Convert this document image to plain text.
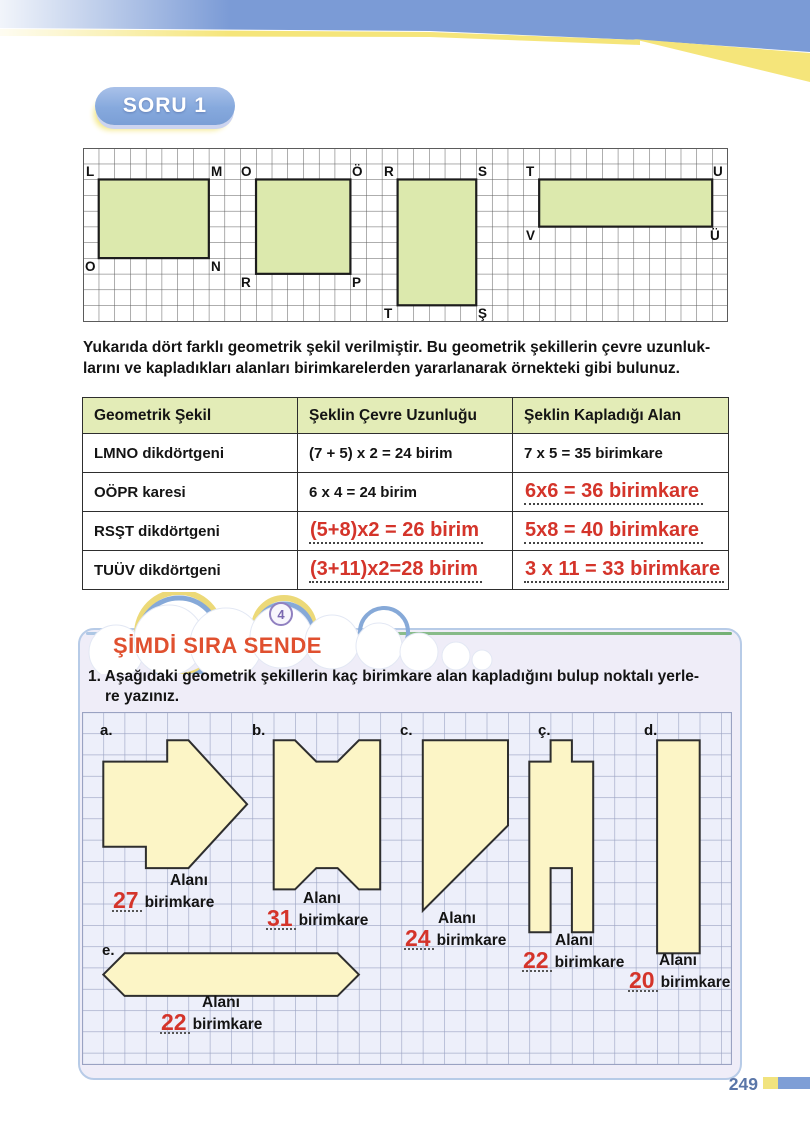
SORU 1
L	M
O	N
O	Ö
R	P
R	S
T	Ş
T	U
V	Ü
Yukarıda dört farklı geometrik şekil verilmiştir. Bu geometrik şekillerin çevre uzunluk-
larını ve kapladıkları alanları birimkarelerden yararlanarak örnekteki gibi bulunuz.
Geometrik Şekil	Şeklin Çevre Uzunluğu	Şeklin Kapladığı Alan
LMNO dikdörtgeni	(7 + 5) x 2 = 24 birim	7 x 5 = 35 birimkare
OÖPR karesi	6 x 4 = 24 birim	6x6 = 36 birimkare
RSŞT dikdörtgeni	(5+8)x2 = 26 birim	5x8 = 40 birimkare
TUÜV dikdörtgeni	(3+11)x2=28 birim	3 x 11 = 33 birimkare
4
ŞİMDİ SIRA SENDE
1. Aşağıdaki geometrik şekillerin kaç birimkare alan kapladığını bulup noktalı yerle-
re yazınız.
a.	b.	c.	ç.	d.
e.
Alanı
27 birimkare	Alanı
31 birimkare	Alanı
24 birimkare	Alanı
22 birimkare	Alanı
20 birimkare
Alanı
22 birimkare
249
